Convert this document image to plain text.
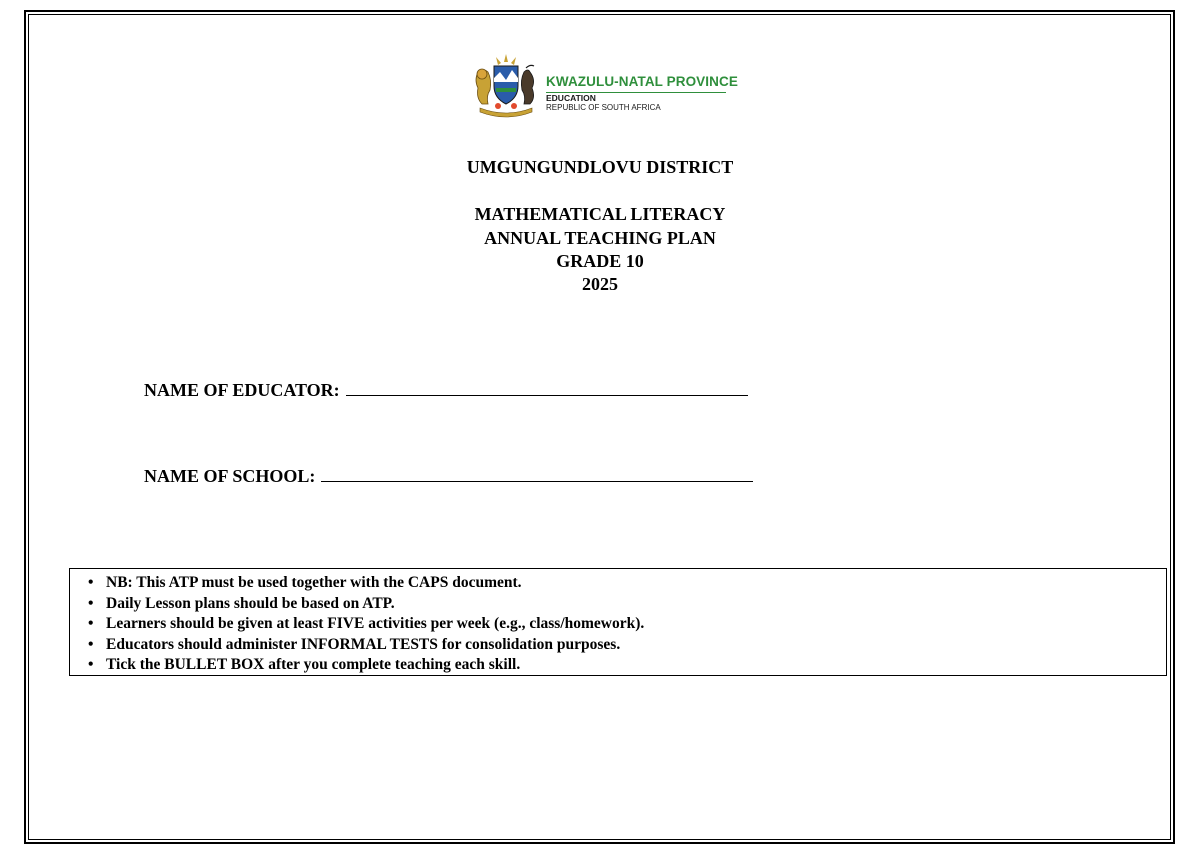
KWAZULU-NATAL PROVINCE
EDUCATION
REPUBLIC OF SOUTH AFRICA
UMGUNGUNDLOVU DISTRICT
MATHEMATICAL LITERACY
ANNUAL TEACHING PLAN
GRADE 10
2025
NAME OF EDUCATOR:
NAME OF SCHOOL:
• NB: This ATP must be used together with the CAPS document.
• Daily Lesson plans should be based on ATP.
• Learners should be given at least FIVE activities per week (e.g., class/homework).
• Educators should administer INFORMAL TESTS for consolidation purposes.
• Tick the BULLET BOX after you complete teaching each skill.
